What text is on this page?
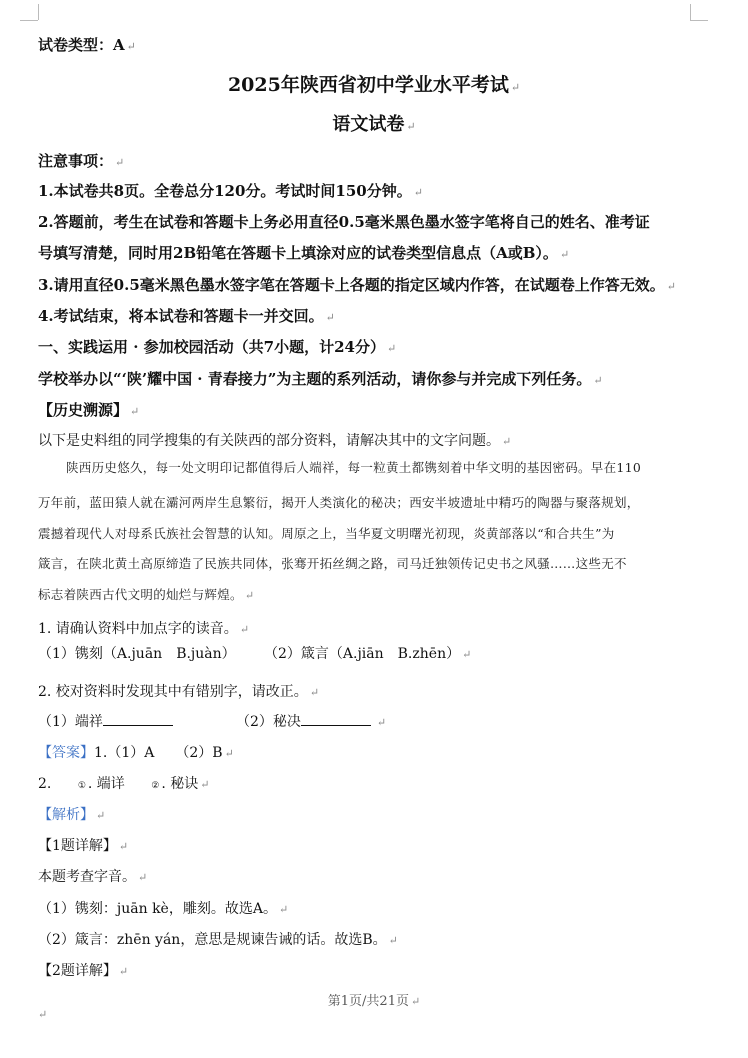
试卷类型：A ↵
2025年陕西省初中学业水平考试 ↵
语文试卷 ↵
注意事项： ↵
1.本试卷共8页。全卷总分120分。考试时间150分钟。 ↵
2.答题前，考生在试卷和答题卡上务必用直径0.5毫米黑色墨水签字笔将自己的姓名、准考证
号填写清楚，同时用2B铅笔在答题卡上填涂对应的试卷类型信息点（A或B）。 ↵
3.请用直径0.5毫米黑色墨水签字笔在答题卡上各题的指定区域内作答，在试题卷上作答无效。 ↵
4.考试结束，将本试卷和答题卡一并交回。 ↵
一、实践运用 · 参加校园活动（共7小题，计24分） ↵
学校举办以“‘陕’耀中国 · 青春接力”为主题的系列活动，请你参与并完成下列任务。 ↵
【历史溯源】 ↵
以下是史料组的同学搜集的有关陕西的部分资料，请解决其中的文字问题。 ↵
陕西历史悠久，每一处文明印记都值得后人端祥，每一粒黄土都镌刻着中华文明的基因密码。早在110
万年前，蓝田猿人就在灞河两岸生息繁衍，揭开人类演化的秘决；西安半坡遗址中精巧的陶器与聚落规划，
震撼着现代人对母系氏族社会智慧的认知。周原之上，当华夏文明曙光初现，炎黄部落以“和合共生”为
箴言，在陕北黄土高原缔造了民族共同体，张骞开拓丝绸之路，司马迁独领传记史书之风骚……这些无不
标志着陕西古代文明的灿烂与辉煌。 ↵
1. 请确认资料中加点字的读音。 ↵
（1）镌刻（A.juān　B.juàn） （2）箴言（A.jiān　B.zhēn） ↵
2. 校对资料时发现其中有错别字，请改正。 ↵
（1）端祥	（2）秘决	↵
【答案】1.（1）A　　（2）B ↵
2.	① . 端详	② . 秘诀 ↵
【解析】 ↵
【1题详解】 ↵
本题考查字音。 ↵
（1）镌刻：juān kè，雕刻。故选A。 ↵
（2）箴言：zhēn yán，意思是规谏告诫的话。故选B。 ↵
【2题详解】 ↵
第1页/共21页 ↵
↵
